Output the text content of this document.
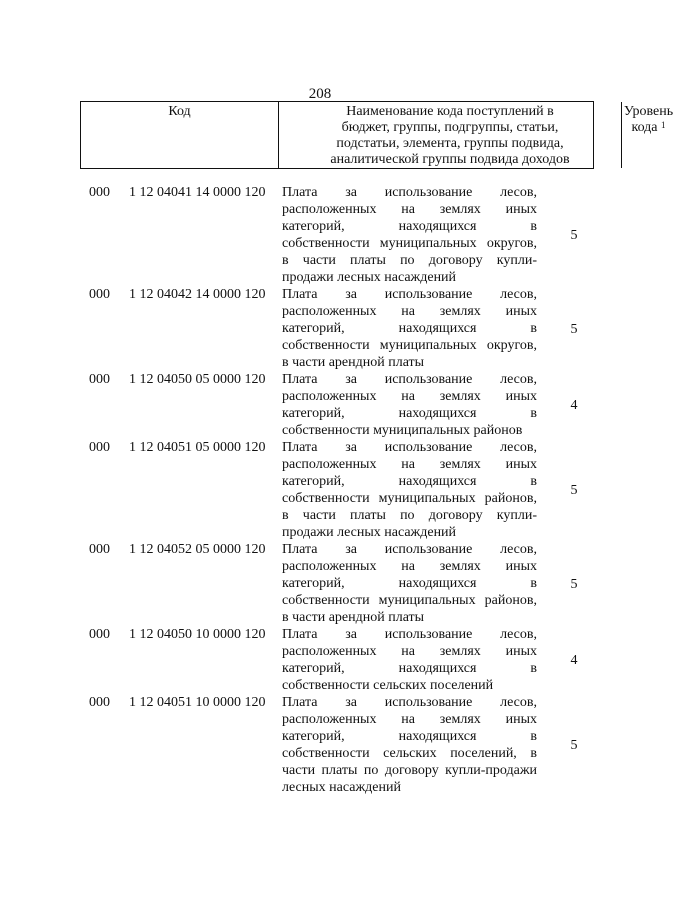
208
Код	Наименование кода поступлений в
бюджет, группы, подгруппы, статьи,
подстатьи, элемента, группы подвида,
аналитической группы подвида доходов
Уровень
кода $^1$
000 1 12 04041 14 0000 120 Плата за использование лесов,
расположенных на землях иных
категорий, находящихся в
собственности муниципальных округов,
в части платы по договору купли-
продажи лесных насаждений
5
000 1 12 04042 14 0000 120 Плата за использование лесов,
расположенных на землях иных
категорий, находящихся в
собственности муниципальных округов,
в части арендной платы
5
000 1 12 04050 05 0000 120 Плата за использование лесов,
расположенных на землях иных
категорий, находящихся в
собственности муниципальных районов
4
000 1 12 04051 05 0000 120 Плата за использование лесов,
расположенных на землях иных
категорий, находящихся в
собственности муниципальных районов,
в части платы по договору купли-
продажи лесных насаждений
5
000 1 12 04052 05 0000 120 Плата за использование лесов,
расположенных на землях иных
категорий, находящихся в
собственности муниципальных районов,
в части арендной платы
5
000 1 12 04050 10 0000 120 Плата за использование лесов,
расположенных на землях иных
категорий, находящихся в
собственности сельских поселений
4
000 1 12 04051 10 0000 120 Плата за использование лесов,
расположенных на землях иных
категорий, находящихся в
собственности сельских поселений, в
части платы по договору купли-продажи
лесных насаждений
5
